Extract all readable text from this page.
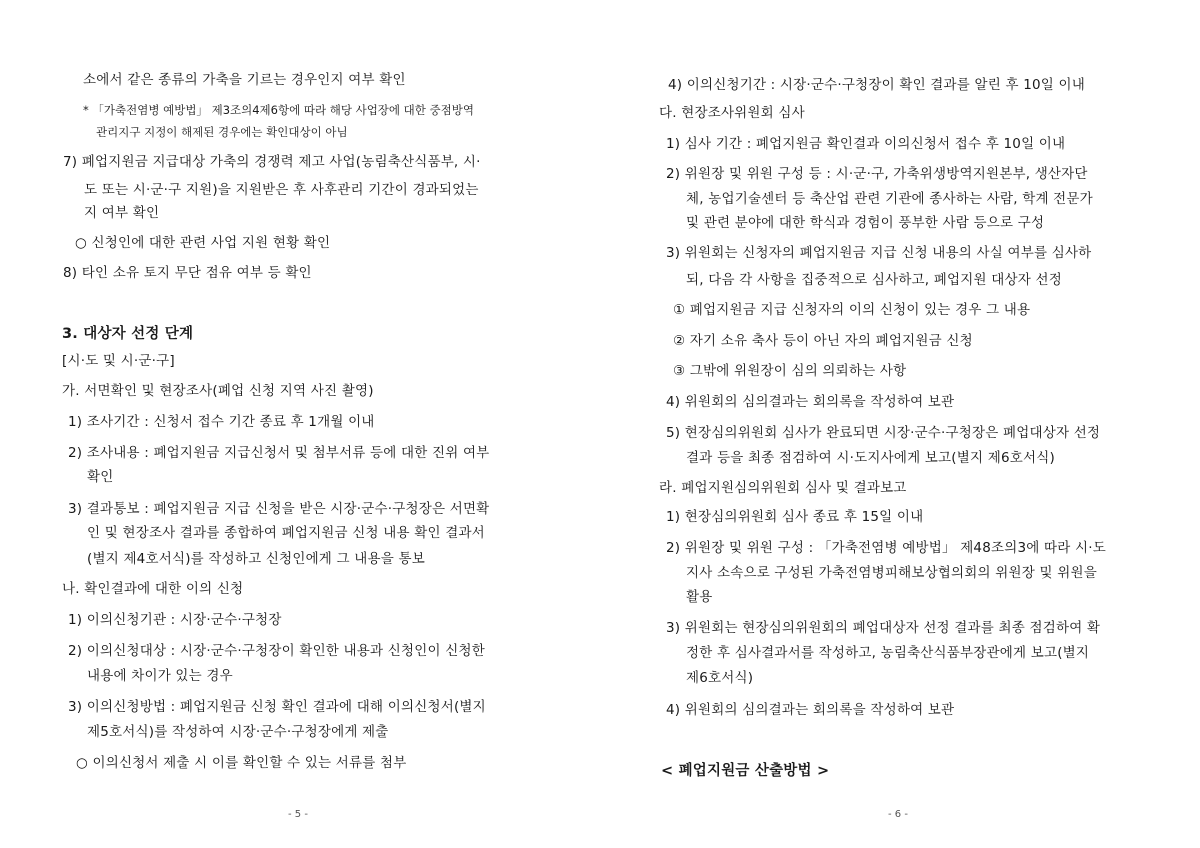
소에서 같은 종류의 가축을 기르는 경우인지 여부 확인
* 「가축전염병 예방법」 제3조의4제6항에 따라 해당 사업장에 대한 중점방역
관리지구 지정이 해제된 경우에는 확인대상이 아님
7) 폐업지원금 지급대상 가축의 경쟁력 제고 사업(농림축산식품부, 시·
도 또는 시·군·구 지원)을 지원받은 후 사후관리 기간이 경과되었는
지 여부 확인
○ 신청인에 대한 관련 사업 지원 현황 확인
8) 타인 소유 토지 무단 점유 여부 등 확인
3. 대상자 선정 단계
[시·도 및 시·군·구]
가. 서면확인 및 현장조사(폐업 신청 지역 사진 촬영)
1) 조사기간 : 신청서 접수 기간 종료 후 1개월 이내
2) 조사내용 : 폐업지원금 지급신청서 및 첨부서류 등에 대한 진위 여부
확인
3) 결과통보 : 폐업지원금 지급 신청을 받은 시장·군수·구청장은 서면확
인 및 현장조사 결과를 종합하여 폐업지원금 신청 내용 확인 결과서
(별지 제4호서식)를 작성하고 신청인에게 그 내용을 통보
나. 확인결과에 대한 이의 신청
1) 이의신청기관 : 시장·군수·구청장
2) 이의신청대상 : 시장·군수·구청장이 확인한 내용과 신청인이 신청한
내용에 차이가 있는 경우
3) 이의신청방법 : 폐업지원금 신청 확인 결과에 대해 이의신청서(별지
제5호서식)를 작성하여 시장·군수·구청장에게 제출
○ 이의신청서 제출 시 이를 확인할 수 있는 서류를 첨부
- 5 -
4) 이의신청기간 : 시장·군수·구청장이 확인 결과를 알린 후 10일 이내
다. 현장조사위원회 심사
1) 심사 기간 : 폐업지원금 확인결과 이의신청서 접수 후 10일 이내
2) 위원장 및 위원 구성 등 : 시·군·구, 가축위생방역지원본부, 생산자단
체, 농업기술센터 등 축산업 관련 기관에 종사하는 사람, 학계 전문가
및 관련 분야에 대한 학식과 경험이 풍부한 사람 등으로 구성
3) 위원회는 신청자의 폐업지원금 지급 신청 내용의 사실 여부를 심사하
되, 다음 각 사항을 집중적으로 심사하고, 폐업지원 대상자 선정
① 폐업지원금 지급 신청자의 이의 신청이 있는 경우 그 내용
② 자기 소유 축사 등이 아닌 자의 폐업지원금 신청
③ 그밖에 위원장이 심의 의뢰하는 사항
4) 위원회의 심의결과는 회의록을 작성하여 보관
5) 현장심의위원회 심사가 완료되면 시장·군수·구청장은 폐업대상자 선정
결과 등을 최종 점검하여 시·도지사에게 보고(별지 제6호서식)
라. 폐업지원심의위원회 심사 및 결과보고
1) 현장심의위원회 심사 종료 후 15일 이내
2) 위원장 및 위원 구성 : 「가축전염병 예방법」 제48조의3에 따라 시·도
지사 소속으로 구성된 가축전염병피해보상협의회의 위원장 및 위원을
활용
3) 위원회는 현장심의위원회의 폐업대상자 선정 결과를 최종 점검하여 확
정한 후 심사결과서를 작성하고, 농림축산식품부장관에게 보고(별지
제6호서식)
4) 위원회의 심의결과는 회의록을 작성하여 보관
< 폐업지원금 산출방법 >
- 6 -
